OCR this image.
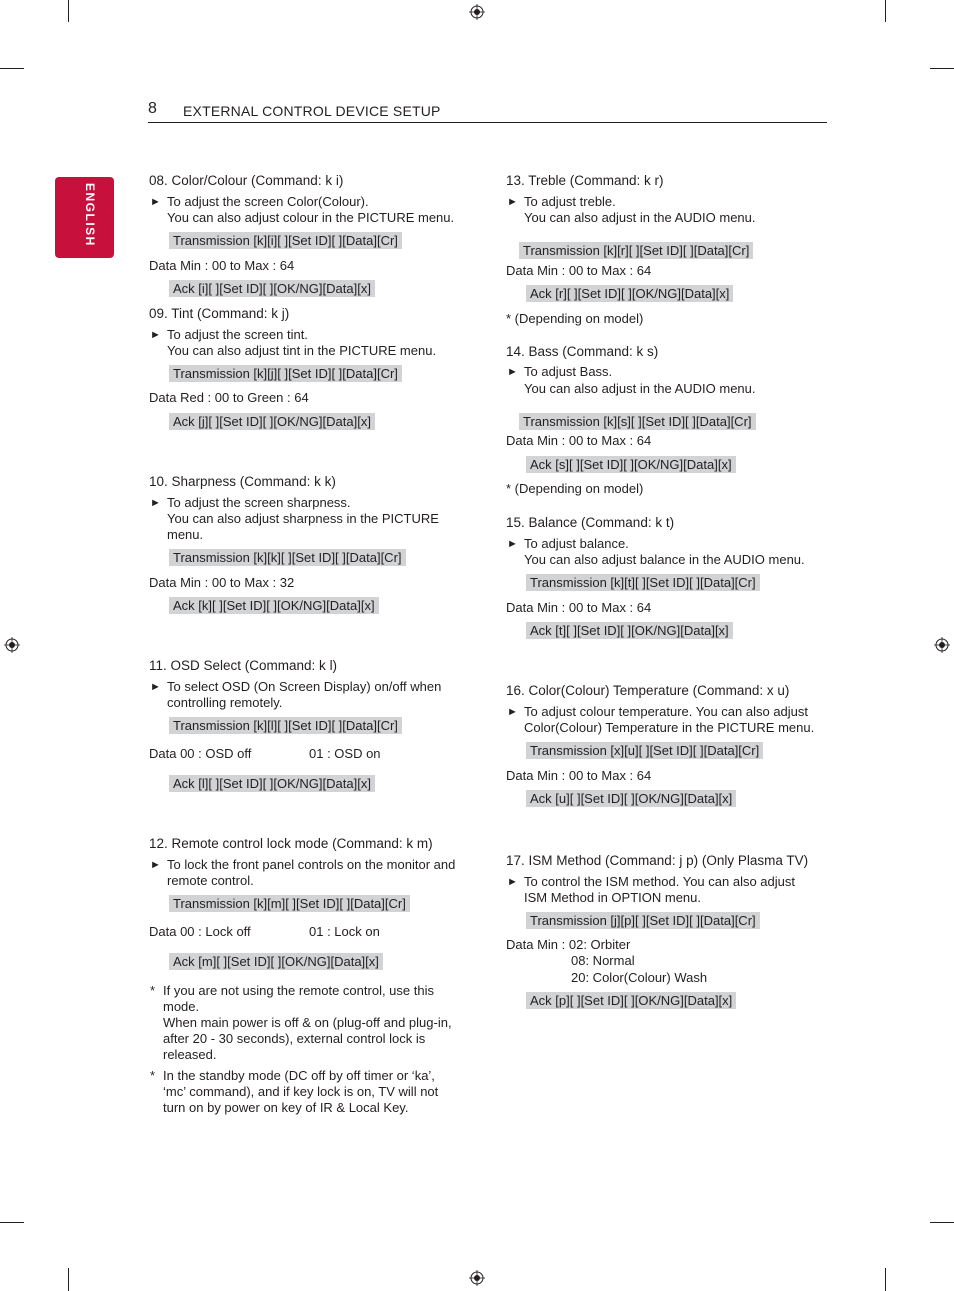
8 EXTERNAL CONTROL DEVICE SETUP
ENGLISH
08. Color/Colour (Command: k i)
► To adjust the screen Color(Colour).
You can also adjust colour in the PICTURE menu.
Transmission [k][i][ ][Set ID][ ][Data][Cr]
Data Min : 00 to Max : 64
Ack [i][ ][Set ID][ ][OK/NG][Data][x]
09. Tint (Command: k j)
► To adjust the screen tint.
You can also adjust tint in the PICTURE menu.
Transmission [k][j][ ][Set ID][ ][Data][Cr]
Data Red : 00 to Green : 64
Ack [j][ ][Set ID][ ][OK/NG][Data][x]
10. Sharpness (Command: k k)
► To adjust the screen sharpness.
You can also adjust sharpness in the PICTURE
menu.
Transmission [k][k][ ][Set ID][ ][Data][Cr]
Data Min : 00 to Max : 32
Ack [k][ ][Set ID][ ][OK/NG][Data][x]
11. OSD Select (Command: k l)
► To select OSD (On Screen Display) on/off when
controlling remotely.
Transmission [k][l][ ][Set ID][ ][Data][Cr]
Data 00 : OSD off	01 : OSD on
Ack [l][ ][Set ID][ ][OK/NG][Data][x]
12. Remote control lock mode (Command: k m)
► To lock the front panel controls on the monitor and
remote control.
Transmission [k][m][ ][Set ID][ ][Data][Cr]
Data 00 : Lock off	01 : Lock on
Ack [m][ ][Set ID][ ][OK/NG][Data][x]
* If you are not using the remote control, use this
mode.
When main power is off & on (plug-off and plug-in,
after 20 - 30 seconds), external control lock is
released.
* In the standby mode (DC off by off timer or ‘ka’,
‘mc’ command), and if key lock is on, TV will not
turn on by power on key of IR & Local Key.
13. Treble (Command: k r)
► To adjust treble.
You can also adjust in the AUDIO menu.
Transmission [k][r][ ][Set ID][ ][Data][Cr]
Data Min : 00 to Max : 64
Ack [r][ ][Set ID][ ][OK/NG][Data][x]
* (Depending on model)
14. Bass (Command: k s)
► To adjust Bass.
You can also adjust in the AUDIO menu.
Transmission [k][s][ ][Set ID][ ][Data][Cr]
Data Min : 00 to Max : 64
Ack [s][ ][Set ID][ ][OK/NG][Data][x]
* (Depending on model)
15. Balance (Command: k t)
► To adjust balance.
You can also adjust balance in the AUDIO menu.
Transmission [k][t][ ][Set ID][ ][Data][Cr]
Data Min : 00 to Max : 64
Ack [t][ ][Set ID][ ][OK/NG][Data][x]
16. Color(Colour) Temperature (Command: x u)
► To adjust colour temperature. You can also adjust
Color(Colour) Temperature in the PICTURE menu.
Transmission [x][u][ ][Set ID][ ][Data][Cr]
Data Min : 00 to Max : 64
Ack [u][ ][Set ID][ ][OK/NG][Data][x]
17. ISM Method (Command: j p) (Only Plasma TV)
► To control the ISM method. You can also adjust
ISM Method in OPTION menu.
Transmission [j][p][ ][Set ID][ ][Data][Cr]
Data Min : 02: Orbiter
08: Normal
20: Color(Colour) Wash
Ack [p][ ][Set ID][ ][OK/NG][Data][x]
